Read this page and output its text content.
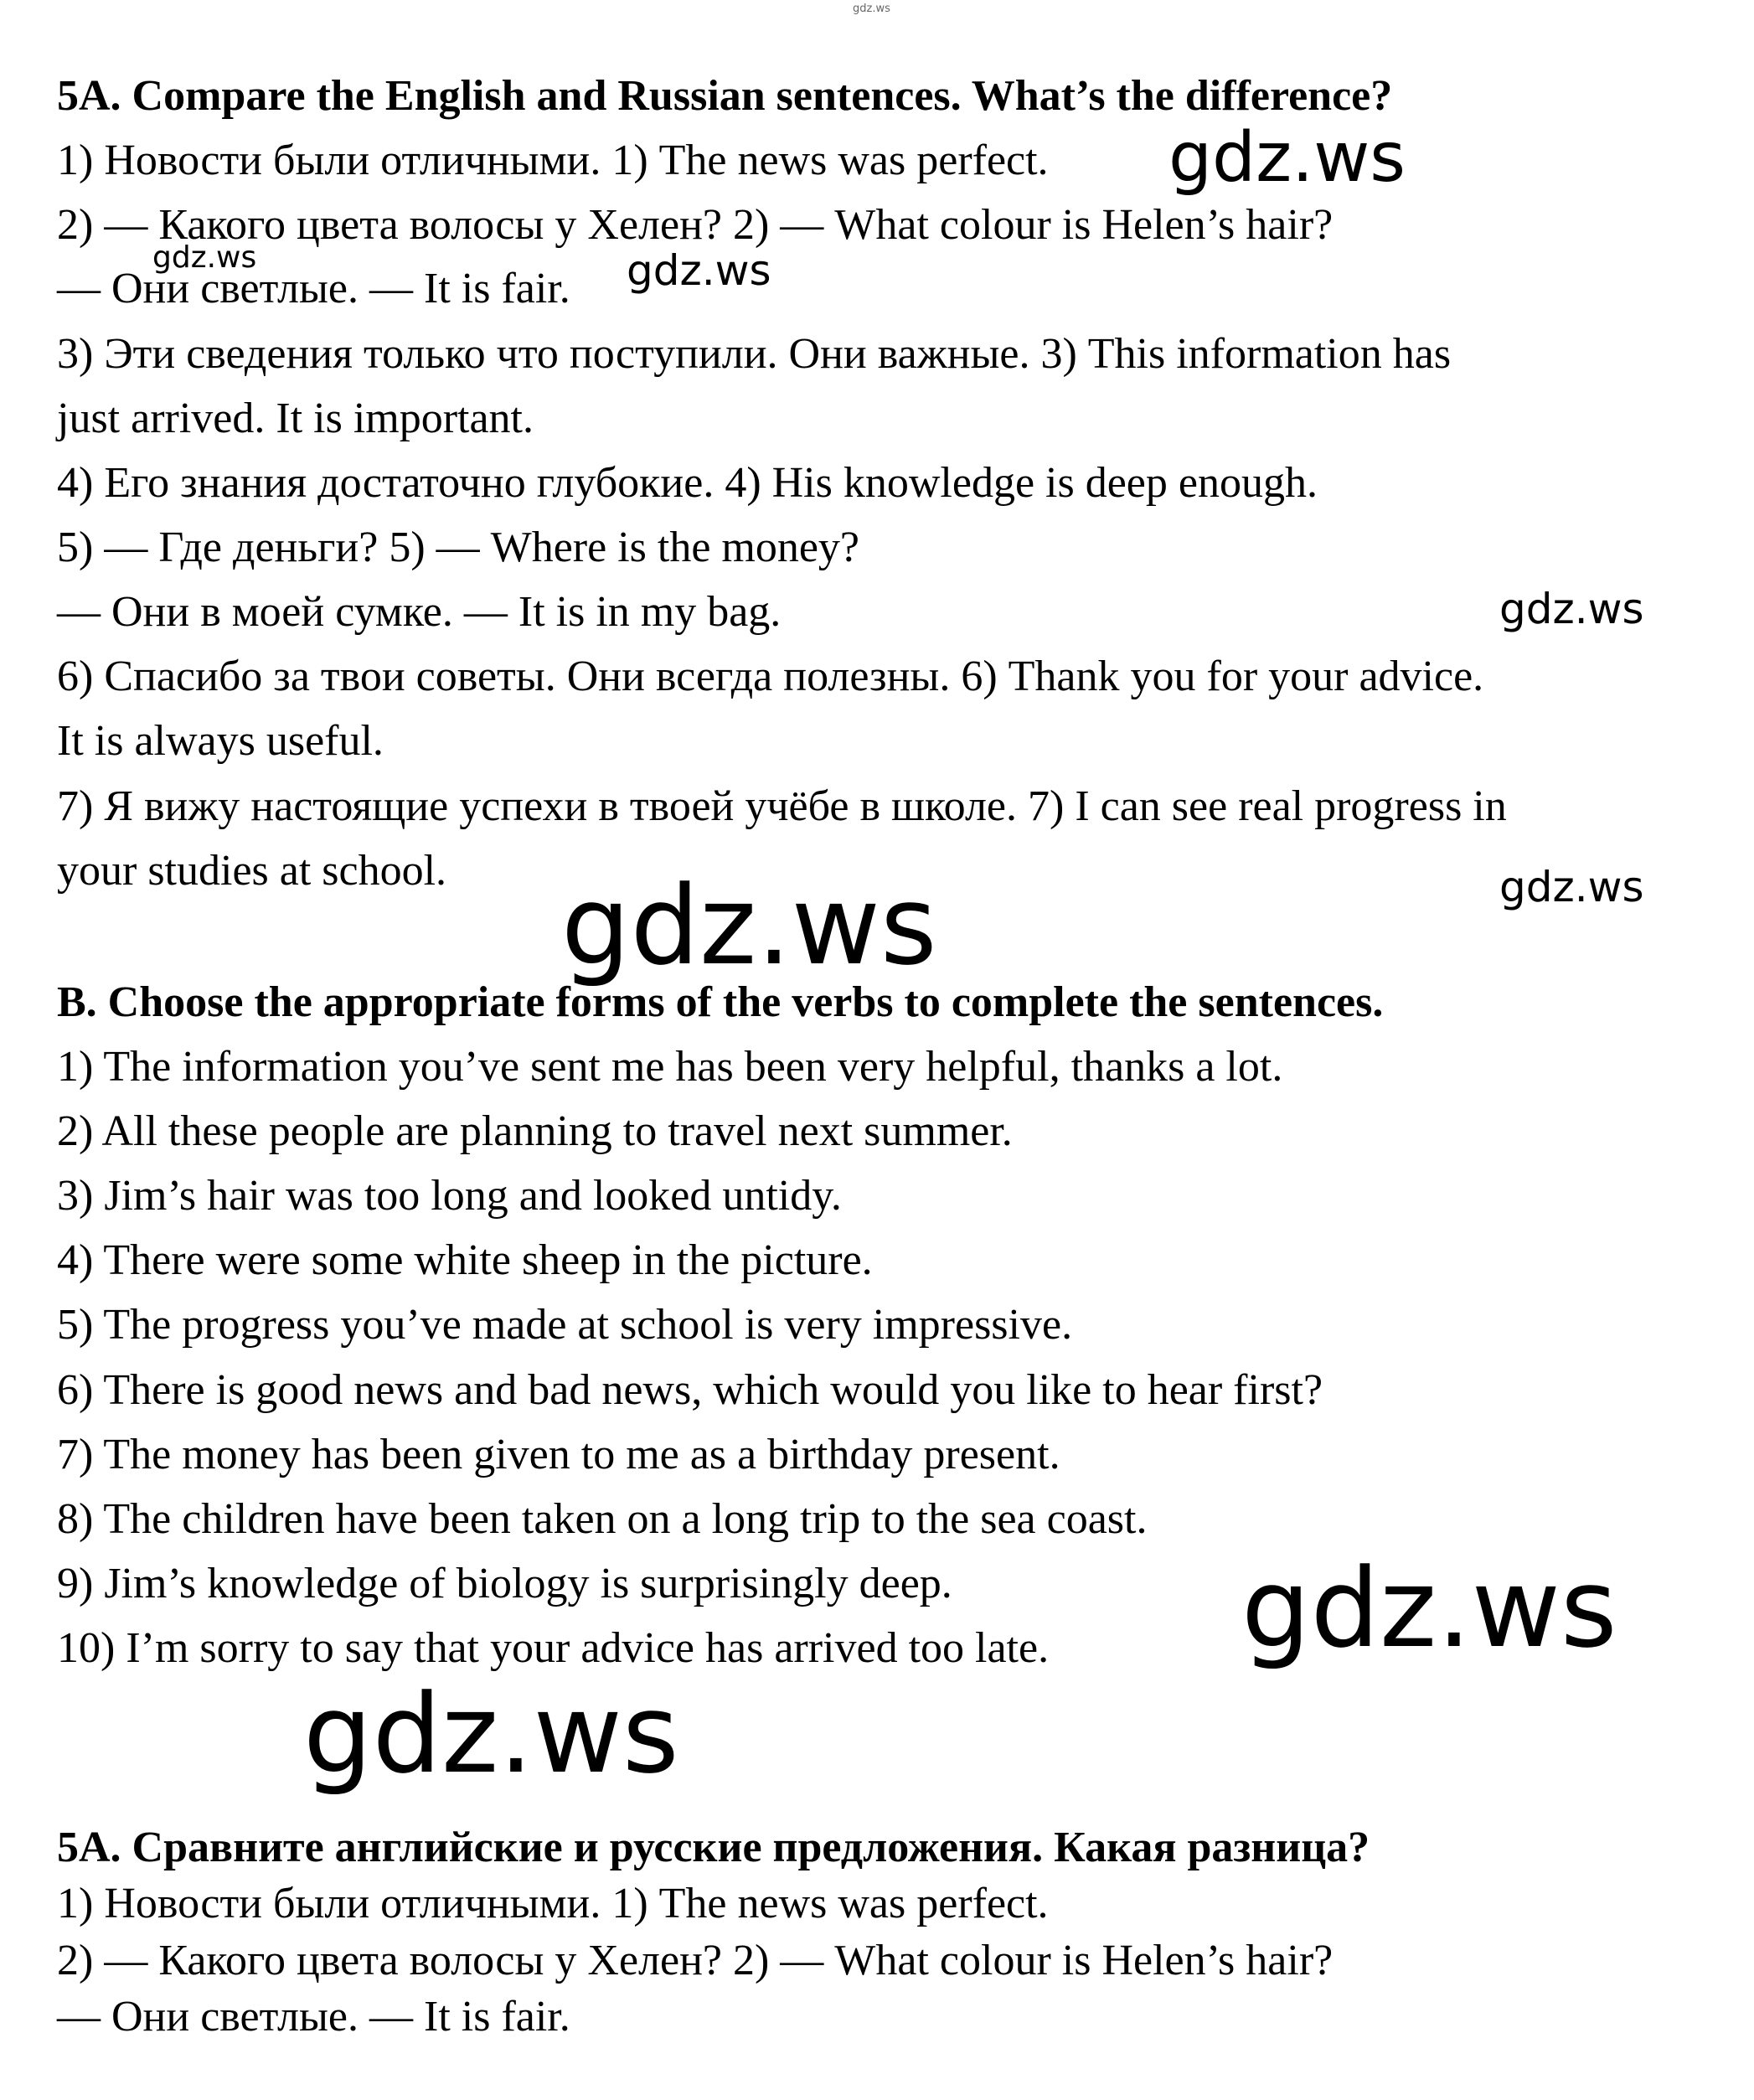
5A. Compare the English and Russian sentences. What’s the difference?

1) Новости были отличными. 1) The news was perfect.

2) — Какого цвета волосы у Хелен? 2) — What colour is Helen’s hair?

— Они светлые. — It is fair.

3) Эти сведения только что поступили. Они важные. 3) This information has

just arrived. It is important.

4) Его знания достаточно глубокие. 4) His knowledge is deep enough.

5) — Где деньги? 5) — Where is the money?

— Они в моей сумке. — It is in my bag.

6) Спасибо за твои советы. Они всегда полезны. 6) Thank you for your advice.

It is always useful.

7) Я вижу настоящие успехи в твоей учёбе в школе. 7) I can see real progress in

your studies at school.

B. Choose the appropriate forms of the verbs to complete the sentences.

1) The information you’ve sent me has been very helpful, thanks a lot.

2) All these people are planning to travel next summer.

3) Jim’s hair was too long and looked untidy.

4) There were some white sheep in the picture.

5) The progress you’ve made at school is very impressive.

6) There is good news and bad news, which would you like to hear first?

7) The money has been given to me as a birthday present.

8) The children have been taken on a long trip to the sea coast.

9) Jim’s knowledge of biology is surprisingly deep.

10) I’m sorry to say that your advice has arrived too late.

5A. Сравните английские и русские предложения. Какая разница?

1) Новости были отличными. 1) The news was perfect.

2) — Какого цвета волосы у Хелен? 2) — What colour is Helen’s hair?

— Они светлые. — It is fair.

gdz.ws

gdz.ws

gdz.ws	gdz.ws

gdz.ws

gdz.ws	gdz.ws

gdz.ws

gdz.ws
